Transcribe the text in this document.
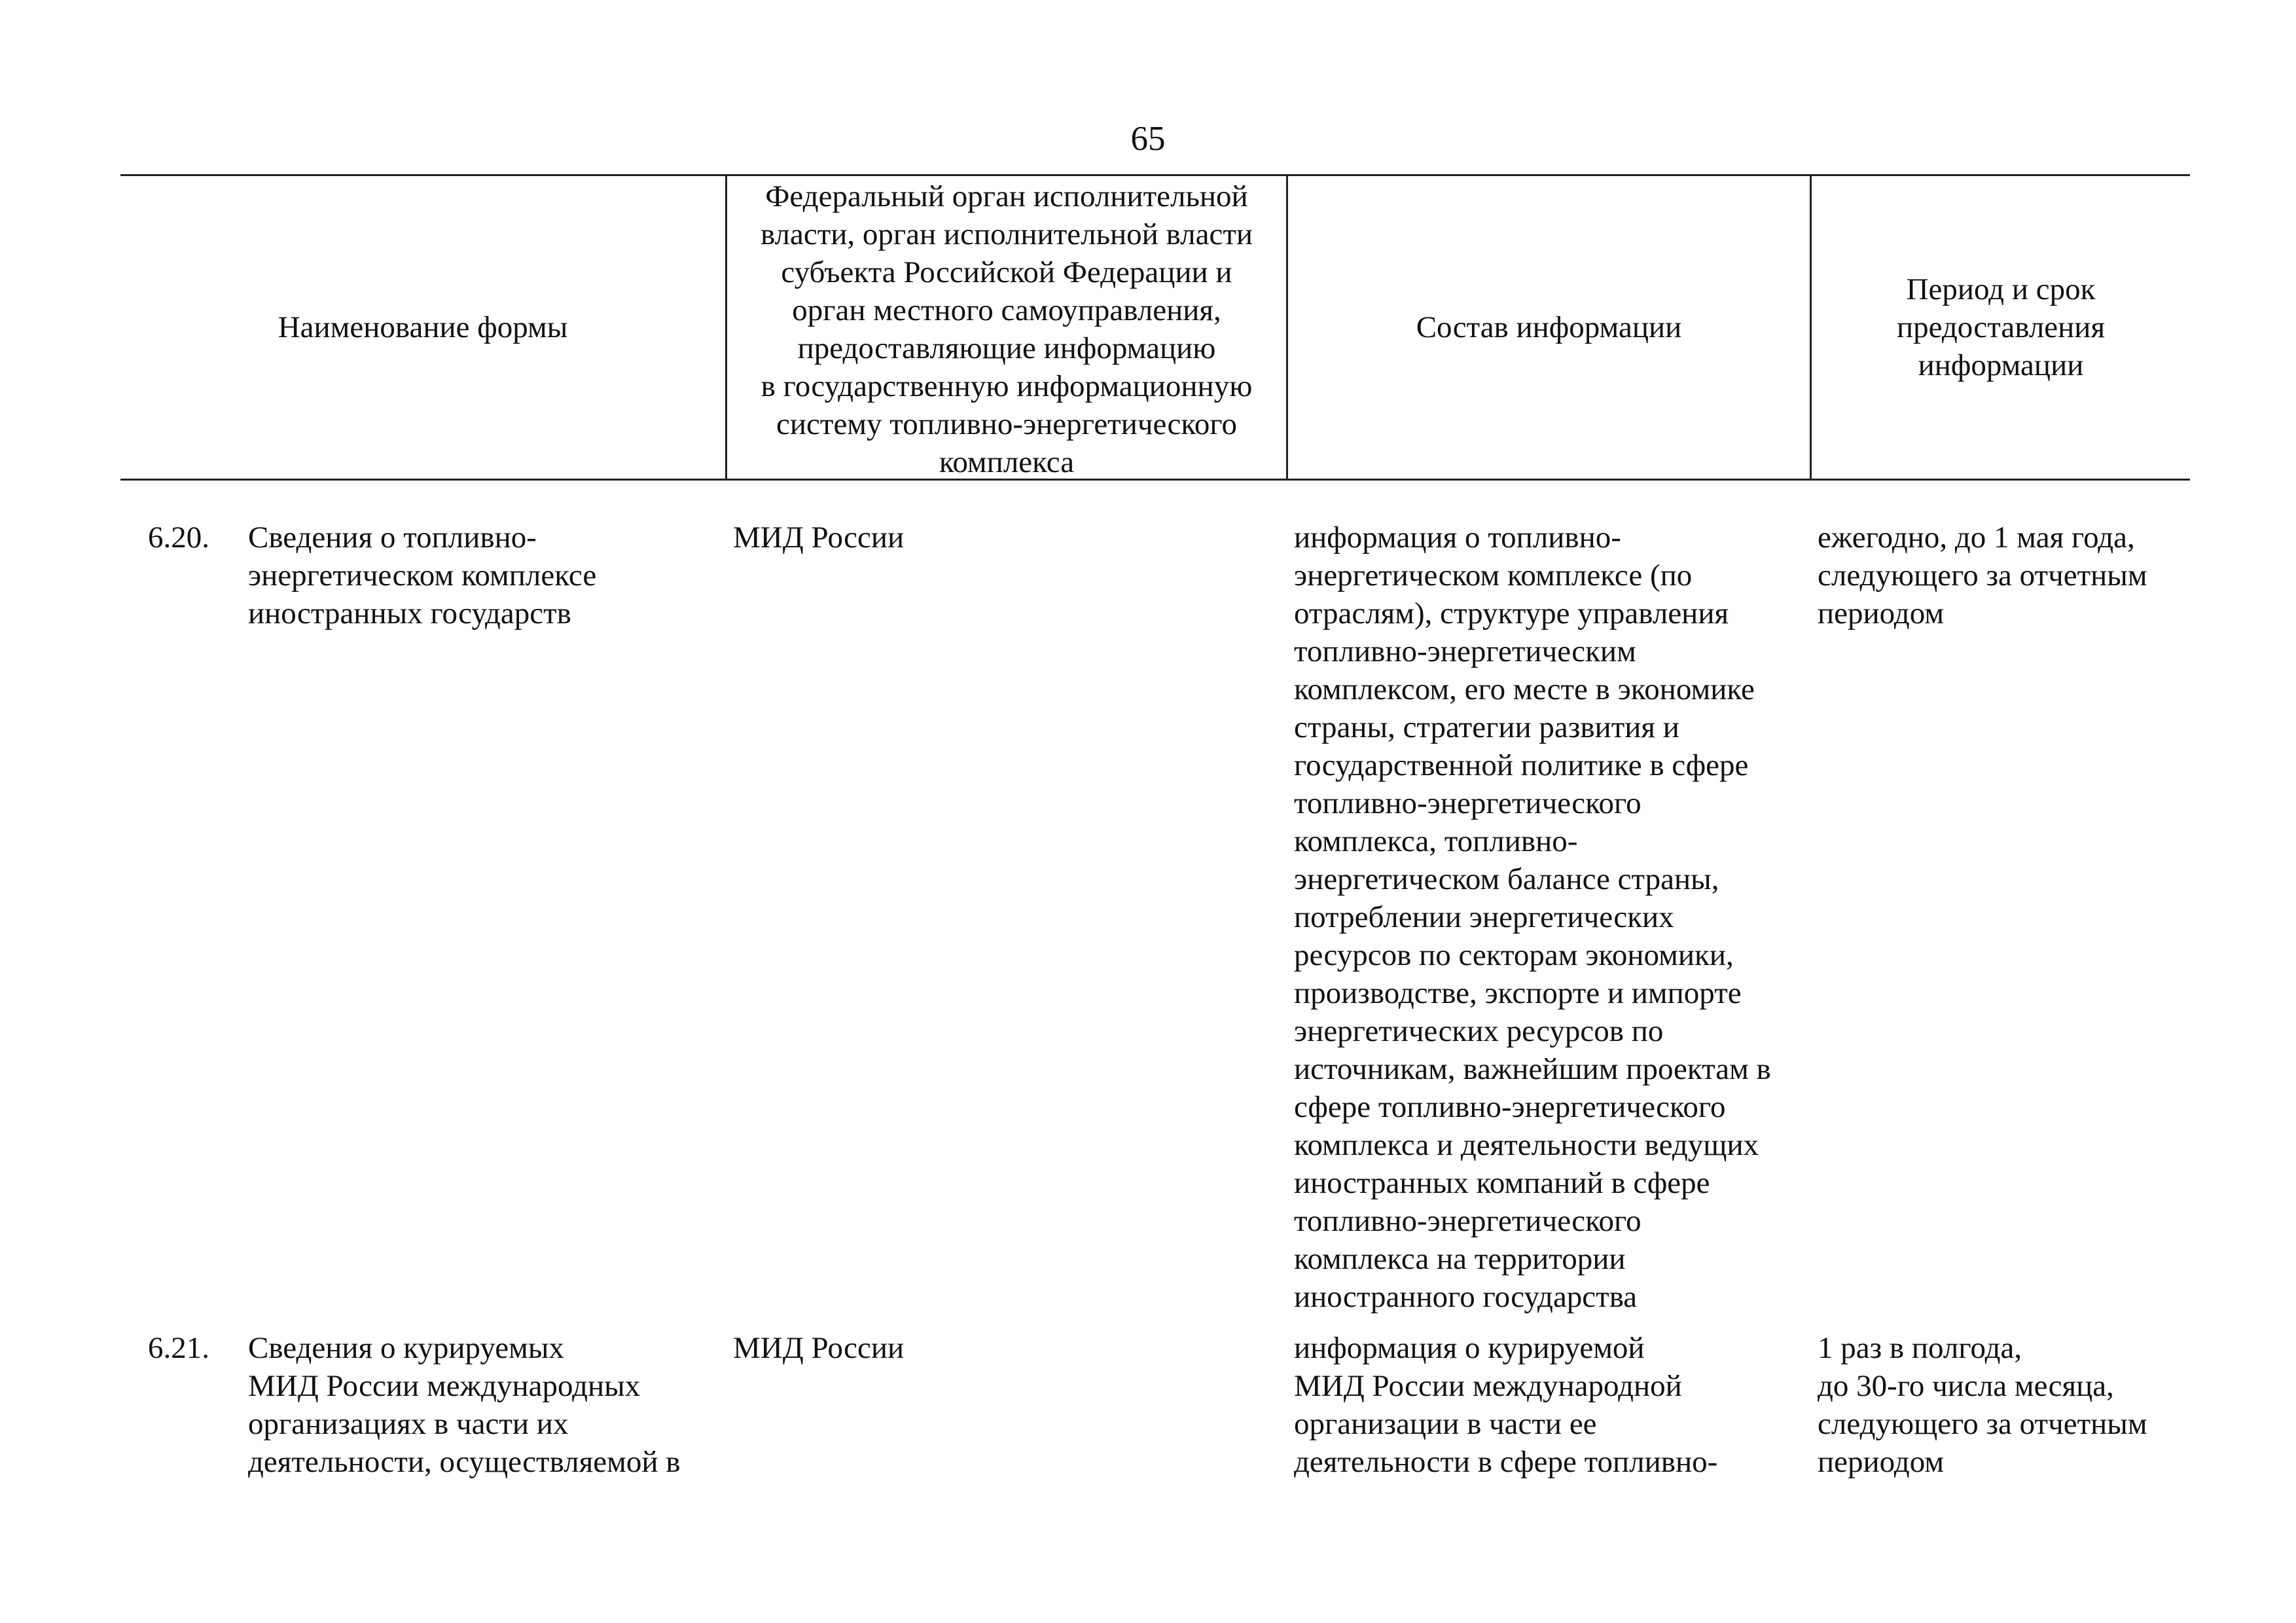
65
Наименование формы
Федеральный орган исполнительной
власти, орган исполнительной власти
субъекта Российской Федерации и
орган местного самоуправления,
предоставляющие информацию
в государственную информационную
систему топливно-энергетического
комплекса
Состав информации
Период и срок
предоставления
информации
6.20. Сведения о топливно-
энергетическом комплексе
иностранных государств
МИД России	информация о топливно-
энергетическом комплексе (по
отраслям), структуре управления
топливно-энергетическим
комплексом, его месте в экономике
страны, стратегии развития и
государственной политике в сфере
топливно-энергетического
комплекса, топливно-
энергетическом балансе страны,
потреблении энергетических
ресурсов по секторам экономики,
производстве, экспорте и импорте
энергетических ресурсов по
источникам, важнейшим проектам в
сфере топливно-энергетического
комплекса и деятельности ведущих
иностранных компаний в сфере
топливно-энергетического
комплекса на территории
иностранного государства
ежегодно, до 1 мая года,
следующего за отчетным
периодом
6.21. Сведения о курируемых
МИД России международных
организациях в части их
деятельности, осуществляемой в
МИД России	информация о курируемой
МИД России международной
организации в части ее
деятельности в сфере топливно-
1 раз в полгода,
до 30-го числа месяца,
следующего за отчетным
периодом
